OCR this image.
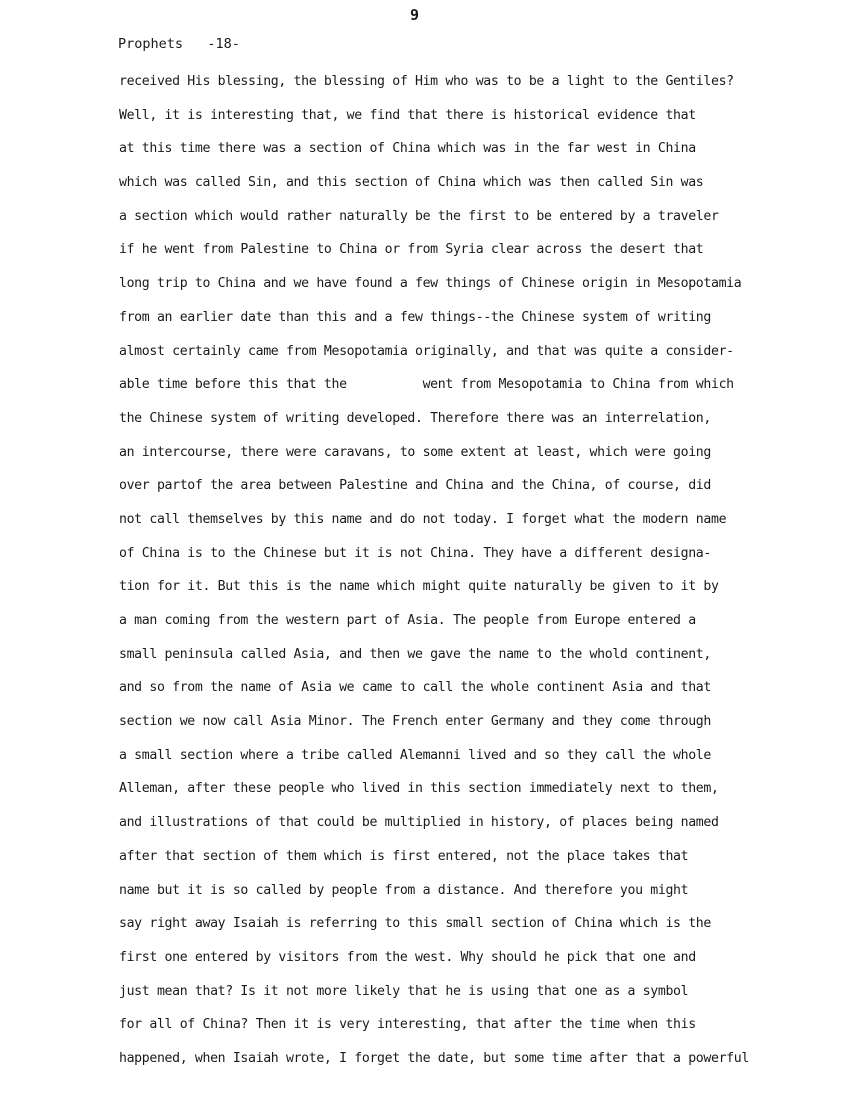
9
Prophets   -18-
received His blessing, the blessing of Him who was to be a light to the Gentiles?
Well, it is interesting that, we find that there is historical evidence that
at this time there was a section of China which was in the far west in China
which was called Sin, and this section of China which was then called Sin was
a section which would rather naturally be the first to be entered by a traveler
if he went from Palestine to China or from Syria clear across the desert that
long trip to China and we have found a few things of Chinese origin in Mesopotamia
from an earlier date than this and a few things--the Chinese system of writing
almost certainly came from Mesopotamia originally, and that was quite a consider-
able time before this that the          went from Mesopotamia to China from which
the Chinese system of writing developed. Therefore there was an interrelation,
an intercourse, there were caravans, to some extent at least, which were going
over partof the area between Palestine and China and the China, of course, did
not call themselves by this name and do not today. I forget what the modern name
of China is to the Chinese but it is not China. They have a different designa-
tion for it. But this is the name which might quite naturally be given to it by
a man coming from the western part of Asia. The people from Europe entered a
small peninsula called Asia, and then we gave the name to the whold continent,
and so from the name of Asia we came to call the whole continent Asia and that
section we now call Asia Minor. The French enter Germany and they come through
a small section where a tribe called Alemanni lived and so they call the whole
Alleman, after these people who lived in this section immediately next to them,
and illustrations of that could be multiplied in history, of places being named
after that section of them which is first entered, not the place takes that
name but it is so called by people from a distance. And therefore you might
say right away Isaiah is referring to this small section of China which is the
first one entered by visitors from the west. Why should he pick that one and
just mean that? Is it not more likely that he is using that one as a symbol
for all of China? Then it is very interesting, that after the time when this
happened, when Isaiah wrote, I forget the date, but some time after that a powerful
